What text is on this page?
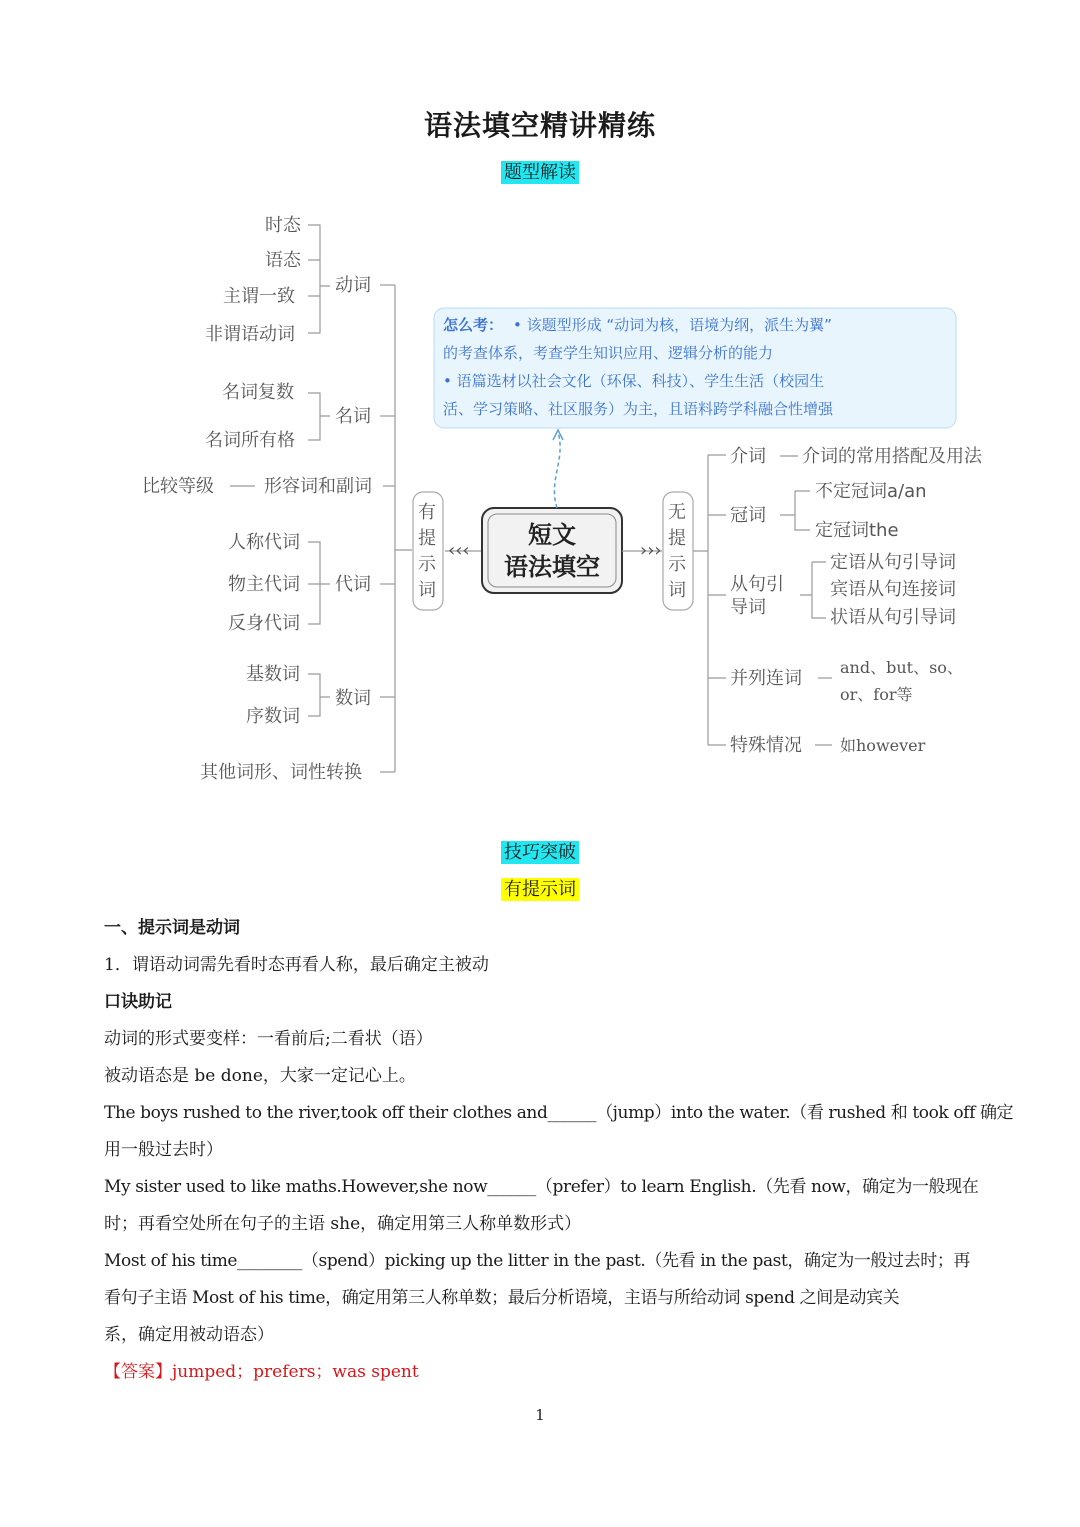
语法填空精讲精练
题型解读
时态
语态
主谓一致
非谓语动词
动词
名词复数
名词所有格
名词
比较等级	形容词和副词
人称代词
物主代词
反身代词
代词
基数词
序数词
数词
其他词形、词性转换
有
提
示
词
‹‹‹
短文
语法填空
›››
无
提
示
词
怎么考： • 该题型形成 “动词为核，语境为纲，派生为翼”
的考查体系，考查学生知识应用、逻辑分析的能力
• 语篇选材以社会文化（环保、科技）、学生生活（校园生
活、学习策略、社区服务）为主，且语料跨学科融合性增强
介词 介词的常用搭配及用法
冠词
不定冠词a/an
定冠词the
从句引
导词
定语从句引导词
宾语从句连接词
状语从句引导词
并列连词
and、but、so、
or、for等
特殊情况 如however
技巧突破
有提示词

一、提示词是动词

1．谓语动词需先看时态再看人称，最后确定主被动

口诀助记

动词的形式要变样：一看前后;二看状（语）

被动语态是 be done，大家一定记心上。

The boys rushed to the river,took off their clothes and______（jump）into the water.（看 rushed 和 took off 确定

用一般过去时）

My sister used to like maths.However,she now______（prefer）to learn English.（先看 now，确定为一般现在

时；再看空处所在句子的主语 she，确定用第三人称单数形式）

Most of his time________（spend）picking up the litter in the past.（先看 in the past，确定为一般过去时；再

看句子主语 Most of his time，确定用第三人称单数；最后分析语境，主语与所给动词 spend 之间是动宾关

系，确定用被动语态）

【答案】jumped；prefers；was spent

1
